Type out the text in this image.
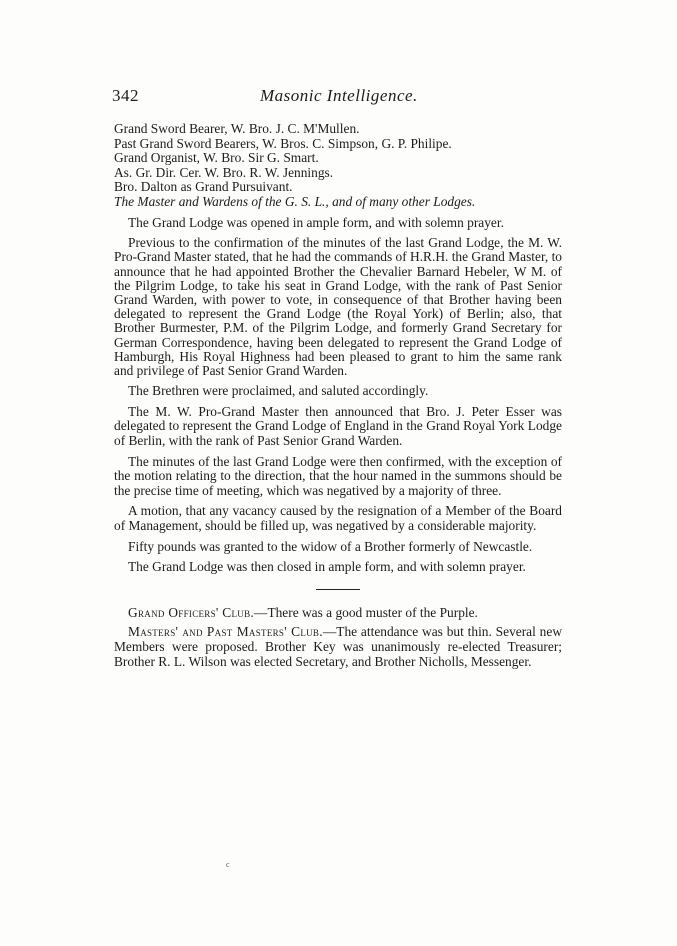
342	Masonic Intelligence.

Grand Sword Bearer, W. Bro. J. C. M'Mullen.

Past Grand Sword Bearers, W. Bros. C. Simpson, G. P. Philipe.

Grand Organist, W. Bro. Sir G. Smart.

As. Gr. Dir. Cer. W. Bro. R. W. Jennings.

Bro. Dalton as Grand Pursuivant.

The Master and Wardens of the G. S. L., and of many other Lodges.

The Grand Lodge was opened in ample form, and with solemn prayer.

Previous to the confirmation of the minutes of the last Grand Lodge, the M. W. Pro-Grand Master stated, that he had the commands of H.R.H. the Grand Master, to announce that he had appointed Brother the Chevalier Barnard Hebeler, W M. of the Pilgrim Lodge, to take his seat in Grand Lodge, with the rank of Past Senior Grand Warden, with power to vote, in consequence of that Brother having been delegated to represent the Grand Lodge (the Royal York) of Berlin; also, that Brother Burmester, P.M. of the Pilgrim Lodge, and formerly Grand Secretary for German Correspondence, having been delegated to represent the Grand Lodge of Hamburgh, His Royal Highness had been pleased to grant to him the same rank and privilege of Past Senior Grand Warden.

The Brethren were proclaimed, and saluted accordingly.

The M. W. Pro-Grand Master then announced that Bro. J. Peter Esser was delegated to represent the Grand Lodge of England in the Grand Royal York Lodge of Berlin, with the rank of Past Senior Grand Warden.

The minutes of the last Grand Lodge were then confirmed, with the exception of the motion relating to the direction, that the hour named in the summons should be the precise time of meeting, which was negatived by a majority of three.

A motion, that any vacancy caused by the resignation of a Member of the Board of Management, should be filled up, was negatived by a considerable majority.

Fifty pounds was granted to the widow of a Brother formerly of Newcastle.

The Grand Lodge was then closed in ample form, and with solemn prayer.

Grand Officers' Club.—There was a good muster of the Purple.

Masters' and Past Masters' Club.—The attendance was but thin. Several new Members were proposed. Brother Key was unanimously re-elected Treasurer; Brother R. L. Wilson was elected Secretary, and Brother Nicholls, Messenger.

c
